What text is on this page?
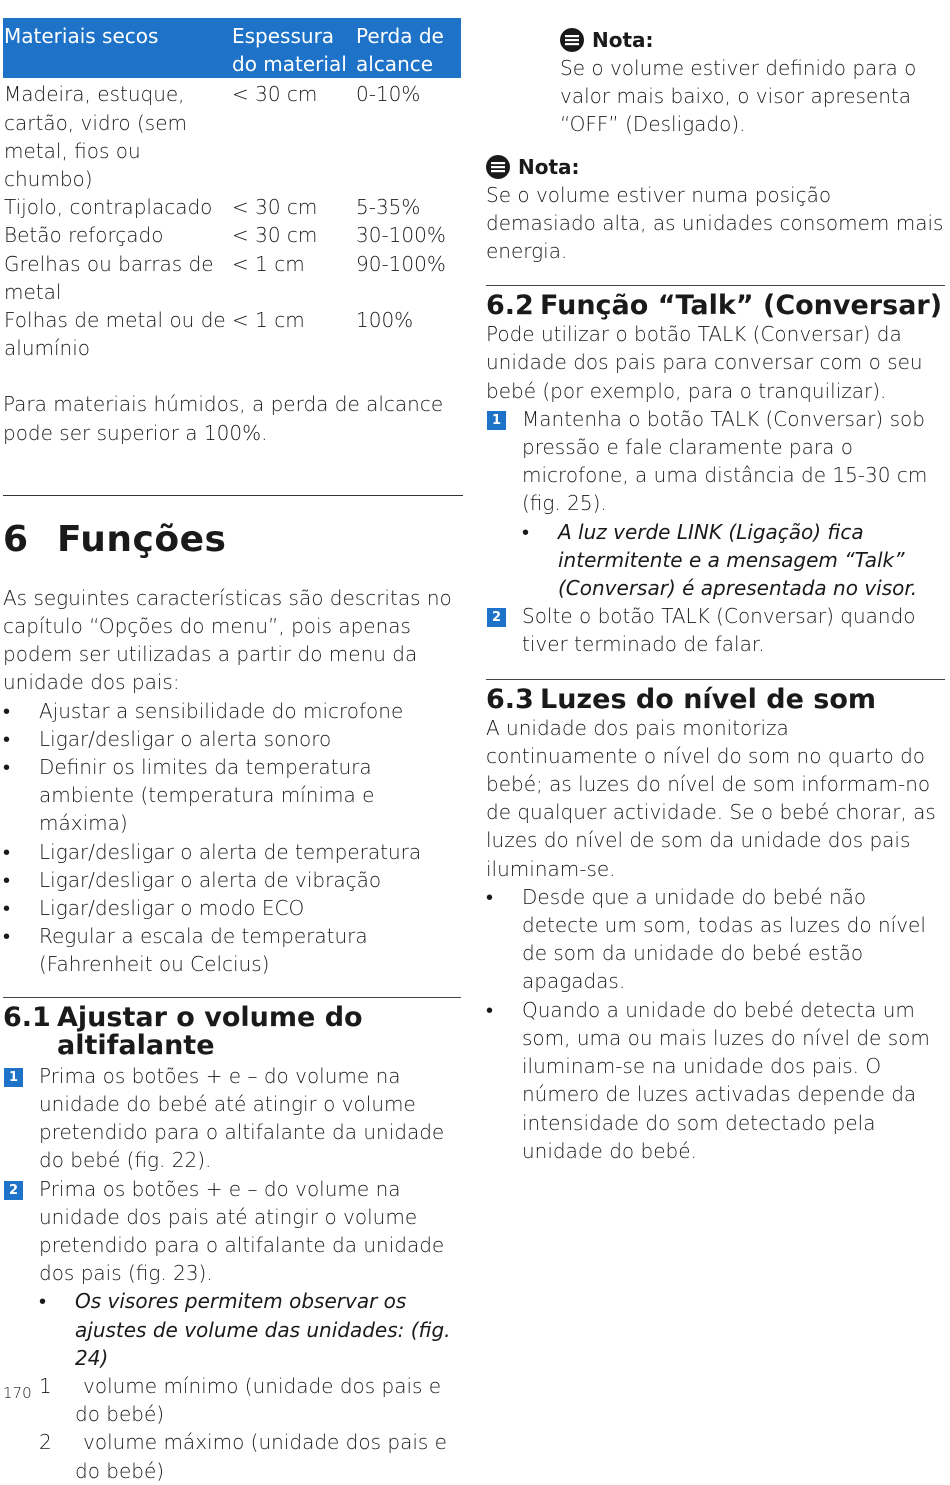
Materiais secos	Espessura do material	Perda de alcance
Madeira, estuque, cartão, vidro (sem metal, fios ou chumbo)	< 30 cm	0-10%
Tijolo, contraplacado	< 30 cm	5-35%
Betão reforçado	< 30 cm	30-100%
Grelhas ou barras de metal	< 1 cm	90-100%
Folhas de metal ou de alumínio	< 1 cm	100%

Para materiais húmidos, a perda de alcance pode ser superior a 100%.

6 Funções

As seguintes características são descritas no capítulo “Opções do menu”, pois apenas podem ser utilizadas a partir do menu da unidade dos pais:

• Ajustar a sensibilidade do microfone
• Ligar/desligar o alerta sonoro
• Definir os limites da temperatura ambiente (temperatura mínima e máxima)
• Ligar/desligar o alerta de temperatura
• Ligar/desligar o alerta de vibração
• Ligar/desligar o modo ECO
• Regular a escala de temperatura (Fahrenheit ou Celcius)
6.1 Ajustar o volume do
altifalante
1 Prima os botões + e – do volume na unidade do bebé até atingir o volume pretendido para o altifalante da unidade do bebé (fig. 22).
2 Prima os botões + e – do volume na unidade dos pais até atingir o volume pretendido para o altifalante da unidade dos pais (fig. 23).
• Os visores permitem observar os ajustes de volume das unidades: (fig. 24)
1 volume mínimo (unidade dos pais e do bebé)
2 volume máximo (unidade dos pais e do bebé)
Nota:

Se o volume estiver definido para o valor mais baixo, o visor apresenta “OFF” (Desligado).

Nota:

Se o volume estiver numa posição demasiado alta, as unidades consomem mais energia.

6.2 Função “Talk” (Conversar)

Pode utilizar o botão TALK (Conversar) da unidade dos pais para conversar com o seu bebé (por exemplo, para o tranquilizar).

1 Mantenha o botão TALK (Conversar) sob pressão e fale claramente para o microfone, a uma distância de 15-30 cm (fig. 25).
• A luz verde LINK (Ligação) fica intermitente e a mensagem “Talk” (Conversar) é apresentada no visor.
2 Solte o botão TALK (Conversar) quando tiver terminado de falar.
6.3 Luzes do nível de som

A unidade dos pais monitoriza continuamente o nível do som no quarto do bebé; as luzes do nível de som informam-no de qualquer actividade. Se o bebé chorar, as luzes do nível de som da unidade dos pais iluminam-se.

• Desde que a unidade do bebé não detecte um som, todas as luzes do nível de som da unidade do bebé estão apagadas.
• Quando a unidade do bebé detecta um som, uma ou mais luzes do nível de som iluminam-se na unidade dos pais. O número de luzes activadas depende da intensidade do som detectado pela unidade do bebé.
170
